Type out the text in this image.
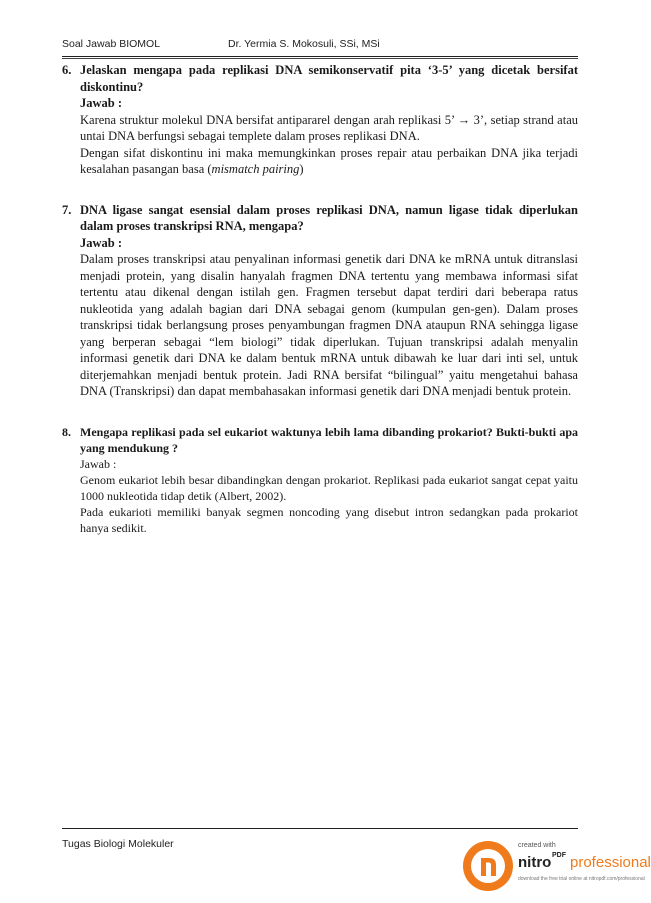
Soal Jawab BIOMOL	Dr. Yermia S. Mokosuli, SSi, MSi
6. Jelaskan mengapa pada replikasi DNA semikonservatif pita ‘3-5’ yang dicetak bersifat diskontinu?
Jawab :
Karena struktur molekul DNA bersifat antipararel dengan arah replikasi 5’ → 3’, setiap strand atau untai DNA berfungsi sebagai templete dalam proses replikasi DNA.
Dengan sifat diskontinu ini maka memungkinkan proses repair atau perbaikan DNA jika terjadi kesalahan pasangan basa (mismatch pairing)
7. DNA ligase sangat esensial dalam proses replikasi DNA, namun ligase tidak diperlukan dalam proses transkripsi RNA, mengapa?
Jawab :
Dalam proses transkripsi atau penyalinan informasi genetik dari DNA ke mRNA untuk ditranslasi menjadi protein, yang disalin hanyalah fragmen DNA tertentu yang membawa informasi sifat tertentu atau dikenal dengan istilah gen. Fragmen tersebut dapat terdiri dari beberapa ratus nukleotida yang adalah bagian dari DNA sebagai genom (kumpulan gen-gen). Dalam proses transkripsi tidak berlangsung proses penyambungan fragmen DNA ataupun RNA sehingga ligase yang berperan sebagai “lem biologi” tidak diperlukan. Tujuan transkripsi adalah menyalin informasi genetik dari DNA ke dalam bentuk mRNA untuk dibawah ke luar dari inti sel, untuk diterjemahkan menjadi bentuk protein. Jadi RNA bersifat “bilingual” yaitu mengetahui bahasa DNA (Transkripsi) dan dapat membahasakan informasi genetik dari DNA menjadi bentuk protein.
8. Mengapa replikasi pada sel eukariot waktunya lebih lama dibanding prokariot? Bukti-bukti apa yang mendukung ?
Jawab :
Genom eukariot lebih besar dibandingkan dengan prokariot. Replikasi pada eukariot sangat cepat yaitu 1000 nukleotida tidap detik (Albert, 2002).
Pada eukarioti memiliki banyak segmen noncoding yang disebut intron sedangkan pada prokariot hanya sedikit.
Tugas Biologi Molekuler	created with
nitro PDF professional
download the free trial online at nitropdf.com/professional
